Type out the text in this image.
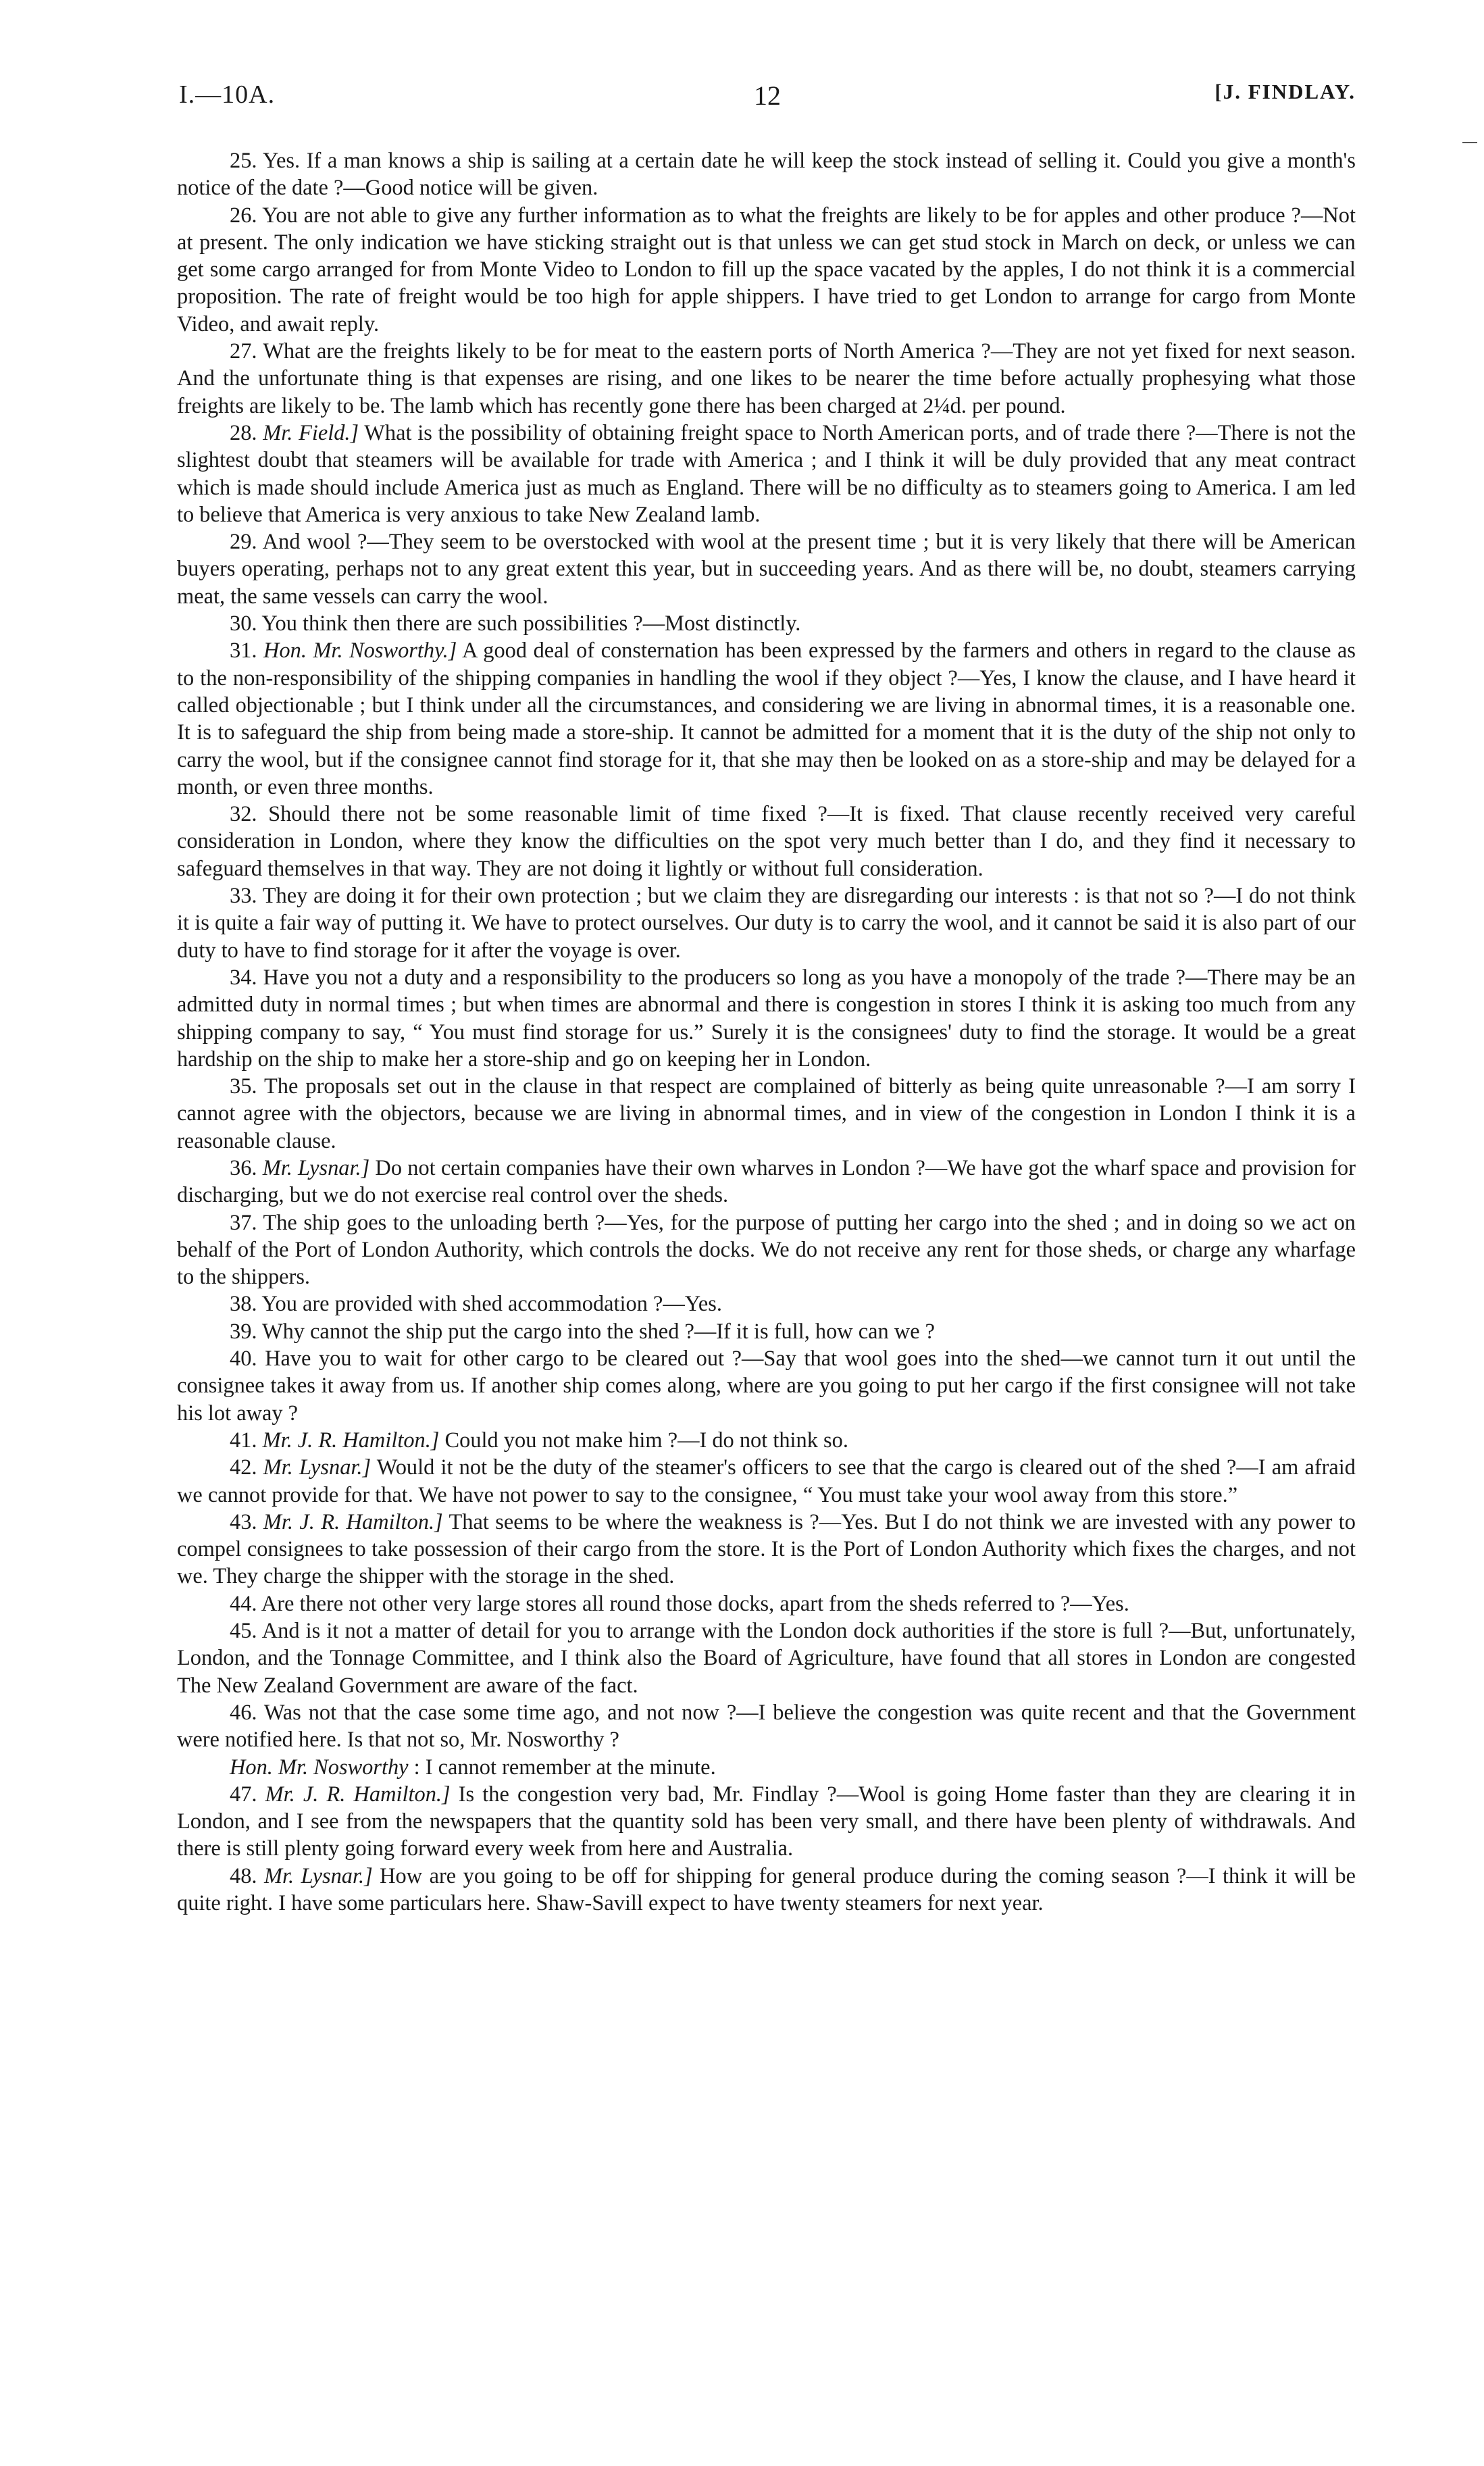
I.—10A.	12	[J. FINDLAY.

25. Yes. If a man knows a ship is sailing at a certain date he will keep the stock instead of selling it. Could you give a month's notice of the date ?—Good notice will be given.

26. You are not able to give any further information as to what the freights are likely to be for apples and other produce ?—Not at present. The only indication we have sticking straight out is that unless we can get stud stock in March on deck, or unless we can get some cargo arranged for from Monte Video to London to fill up the space vacated by the apples, I do not think it is a commercial proposition. The rate of freight would be too high for apple shippers. I have tried to get London to arrange for cargo from Monte Video, and await reply.

27. What are the freights likely to be for meat to the eastern ports of North America ?—They are not yet fixed for next season. And the unfortunate thing is that expenses are rising, and one likes to be nearer the time before actually prophesying what those freights are likely to be. The lamb which has recently gone there has been charged at 2¼d. per pound.

28. Mr. Field.] What is the possibility of obtaining freight space to North American ports, and of trade there ?—There is not the slightest doubt that steamers will be available for trade with America ; and I think it will be duly provided that any meat contract which is made should include America just as much as England. There will be no difficulty as to steamers going to America. I am led to believe that America is very anxious to take New Zealand lamb.

29. And wool ?—They seem to be overstocked with wool at the present time ; but it is very likely that there will be American buyers operating, perhaps not to any great extent this year, but in succeeding years. And as there will be, no doubt, steamers carrying meat, the same vessels can carry the wool.

30. You think then there are such possibilities ?—Most distinctly.

31. Hon. Mr. Nosworthy.] A good deal of consternation has been expressed by the farmers and others in regard to the clause as to the non-responsibility of the shipping companies in handling the wool if they object ?—Yes, I know the clause, and I have heard it called objectionable ; but I think under all the circumstances, and considering we are living in abnormal times, it is a reasonable one. It is to safeguard the ship from being made a store-ship. It cannot be admitted for a moment that it is the duty of the ship not only to carry the wool, but if the consignee cannot find storage for it, that she may then be looked on as a store-ship and may be delayed for a month, or even three months.

32. Should there not be some reasonable limit of time fixed ?—It is fixed. That clause recently received very careful consideration in London, where they know the difficulties on the spot very much better than I do, and they find it necessary to safeguard themselves in that way. They are not doing it lightly or without full consideration.

33. They are doing it for their own protection ; but we claim they are disregarding our interests : is that not so ?—I do not think it is quite a fair way of putting it. We have to protect ourselves. Our duty is to carry the wool, and it cannot be said it is also part of our duty to have to find storage for it after the voyage is over.

34. Have you not a duty and a responsibility to the producers so long as you have a monopoly of the trade ?—There may be an admitted duty in normal times ; but when times are abnormal and there is congestion in stores I think it is asking too much from any shipping company to say, “ You must find storage for us.” Surely it is the consignees' duty to find the storage. It would be a great hardship on the ship to make her a store-ship and go on keeping her in London.

35. The proposals set out in the clause in that respect are complained of bitterly as being quite unreasonable ?—I am sorry I cannot agree with the objectors, because we are living in abnormal times, and in view of the congestion in London I think it is a reasonable clause.

36. Mr. Lysnar.] Do not certain companies have their own wharves in London ?—We have got the wharf space and provision for discharging, but we do not exercise real control over the sheds.

37. The ship goes to the unloading berth ?—Yes, for the purpose of putting her cargo into the shed ; and in doing so we act on behalf of the Port of London Authority, which controls the docks. We do not receive any rent for those sheds, or charge any wharfage to the shippers.

38. You are provided with shed accommodation ?—Yes.

39. Why cannot the ship put the cargo into the shed ?—If it is full, how can we ?

40. Have you to wait for other cargo to be cleared out ?—Say that wool goes into the shed—we cannot turn it out until the consignee takes it away from us. If another ship comes along, where are you going to put her cargo if the first consignee will not take his lot away ?

41. Mr. J. R. Hamilton.] Could you not make him ?—I do not think so.

42. Mr. Lysnar.] Would it not be the duty of the steamer's officers to see that the cargo is cleared out of the shed ?—I am afraid we cannot provide for that. We have not power to say to the consignee, “ You must take your wool away from this store.”

43. Mr. J. R. Hamilton.] That seems to be where the weakness is ?—Yes. But I do not think we are invested with any power to compel consignees to take possession of their cargo from the store. It is the Port of London Authority which fixes the charges, and not we. They charge the shipper with the storage in the shed.

44. Are there not other very large stores all round those docks, apart from the sheds referred to ?—Yes.

45. And is it not a matter of detail for you to arrange with the London dock authorities if the store is full ?—But, unfortunately, London, and the Tonnage Committee, and I think also the Board of Agriculture, have found that all stores in London are congested The New Zealand Government are aware of the fact.

46. Was not that the case some time ago, and not now ?—I believe the congestion was quite recent and that the Government were notified here. Is that not so, Mr. Nosworthy ?

Hon. Mr. Nosworthy : I cannot remember at the minute.

47. Mr. J. R. Hamilton.] Is the congestion very bad, Mr. Findlay ?—Wool is going Home faster than they are clearing it in London, and I see from the newspapers that the quantity sold has been very small, and there have been plenty of withdrawals. And there is still plenty going forward every week from here and Australia.

48. Mr. Lysnar.] How are you going to be off for shipping for general produce during the coming season ?—I think it will be quite right. I have some particulars here. Shaw-Savill expect to have twenty steamers for next year.
